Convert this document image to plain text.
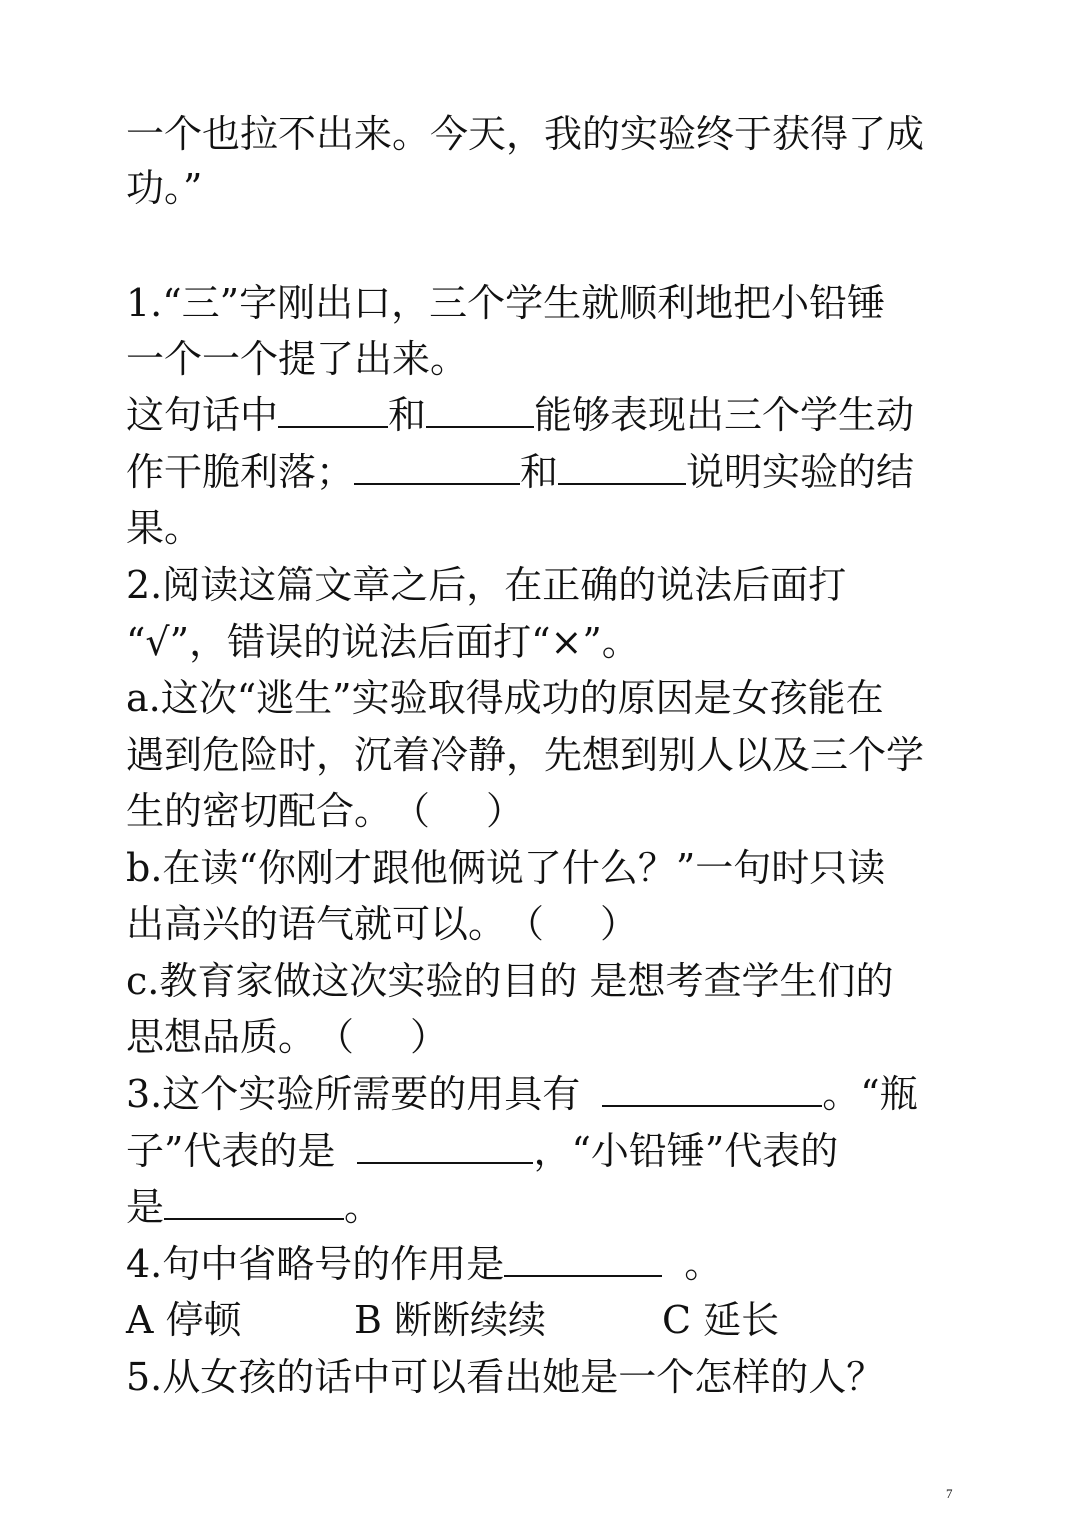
一个也拉不出来。今天，我的实验终于获得了成

功。”

1.“三”字刚出口，三个学生就顺利地把小铅锤

一个一个提了出来。

这句话中	和	能够表现出三个学生动

作干脆利落；	和	说明实验的结

果。

2.阅读这篇文章之后，在正确的说法后面打

“√”，错误的说法后面打“×”。

a.这次“逃生”实验取得成功的原因是女孩能在

遇到危险时，沉着冷静，先想到别人以及三个学

生的密切配合。（ ）

b.在读“你刚才跟他俩说了什么？”一句时只读

出高兴的语气就可以。（ ）

c.教育家做这次实验的目的 是想考查学生们的

思想品质。（ ）

3.这个实验所需要的用具有	。“瓶

子”代表的是	，“小铅锤”代表的

是	。

4.句中省略号的作用是	。

A 停顿	B 断断续续	C 延长

5.从女孩的话中可以看出她是一个怎样的人？

7
